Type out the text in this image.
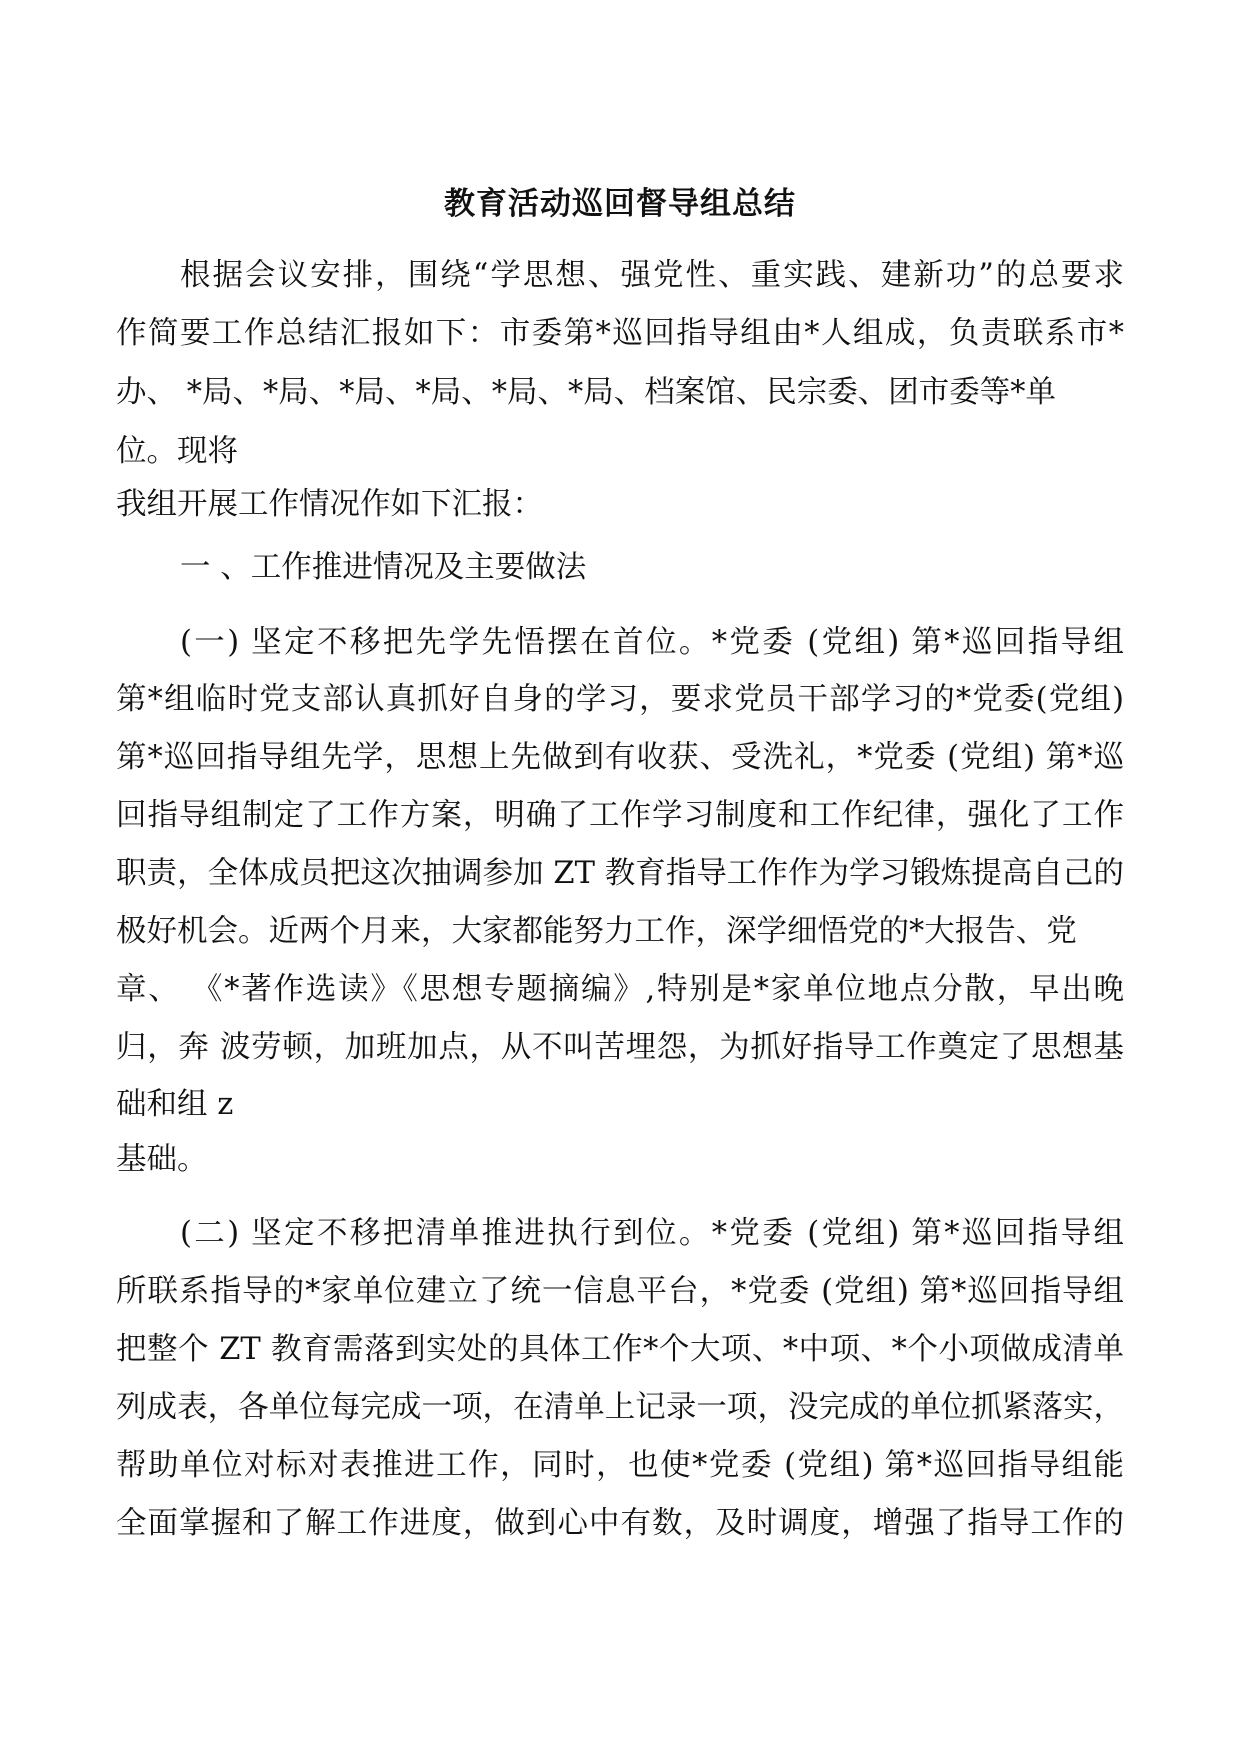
教育活动巡回督导组总结
根据会议安排，围绕“学思想、强党性、重实践、建新功”的总要求
作简要工作总结汇报如下：市委第*巡回指导组由*人组成，负责联系市*
办、 *局、*局、*局、*局、*局、*局、档案馆、民宗委、团市委等*单
位。现将
我组开展工作情况作如下汇报：
一 、工作推进情况及主要做法
(一) 坚定不移把先学先悟摆在首位。*党委 (党组) 第*巡回指导组
第*组临时党支部认真抓好自身的学习，要求党员干部学习的*党委(党组)
第*巡回指导组先学，思想上先做到有收获、受洗礼，*党委 (党组) 第*巡
回指导组制定了工作方案，明确了工作学习制度和工作纪律，强化了工作
职责，全体成员把这次抽调参加 ZT 教育指导工作作为学习锻炼提高自己的
极好机会。近两个月来，大家都能努力工作，深学细悟党的*大报告、党
章、 《*著作选读》《思想专题摘编》,特别是*家单位地点分散，早出晚
归，奔 波劳顿，加班加点，从不叫苦埋怨，为抓好指导工作奠定了思想基
础和组 z
基础。
(二) 坚定不移把清单推进执行到位。*党委 (党组) 第*巡回指导组
所联系指导的*家单位建立了统一信息平台，*党委 (党组) 第*巡回指导组
把整个 ZT 教育需落到实处的具体工作*个大项、*中项、*个小项做成清单
列成表，各单位每完成一项，在清单上记录一项，没完成的单位抓紧落实，
帮助单位对标对表推进工作，同时，也使*党委 (党组) 第*巡回指导组能
全面掌握和了解工作进度，做到心中有数，及时调度，增强了指导工作的
